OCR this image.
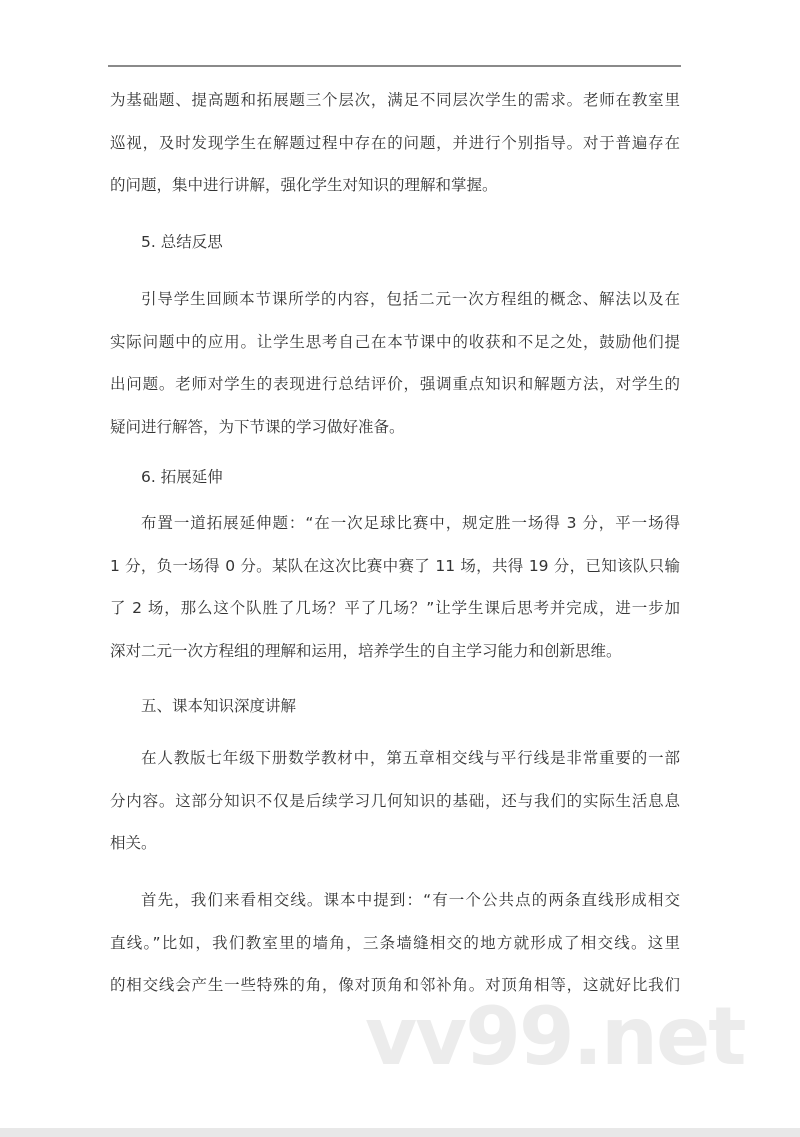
为基础题、提高题和拓展题三个层次，满足不同层次学生的需求。老师在教室里
巡视，及时发现学生在解题过程中存在的问题，并进行个别指导。对于普遍存在
的问题，集中进行讲解，强化学生对知识的理解和掌握。
5. 总结反思
引导学生回顾本节课所学的内容，包括二元一次方程组的概念、解法以及在
实际问题中的应用。让学生思考自己在本节课中的收获和不足之处，鼓励他们提
出问题。老师对学生的表现进行总结评价，强调重点知识和解题方法，对学生的
疑问进行解答，为下节课的学习做好准备。
6. 拓展延伸
布置一道拓展延伸题：“在一次足球比赛中，规定胜一场得 3 分，平一场得
1 分，负一场得 0 分。某队在这次比赛中赛了 11 场，共得 19 分，已知该队只输
了 2 场，那么这个队胜了几场？平了几场？”让学生课后思考并完成，进一步加
深对二元一次方程组的理解和运用，培养学生的自主学习能力和创新思维。
五、课本知识深度讲解
在人教版七年级下册数学教材中，第五章相交线与平行线是非常重要的一部
分内容。这部分知识不仅是后续学习几何知识的基础，还与我们的实际生活息息
相关。
首先，我们来看相交线。课本中提到：“有一个公共点的两条直线形成相交
直线。”比如，我们教室里的墙角，三条墙缝相交的地方就形成了相交线。这里
的相交线会产生一些特殊的角，像对顶角和邻补角。对顶角相等，这就好比我们
vv99.net
